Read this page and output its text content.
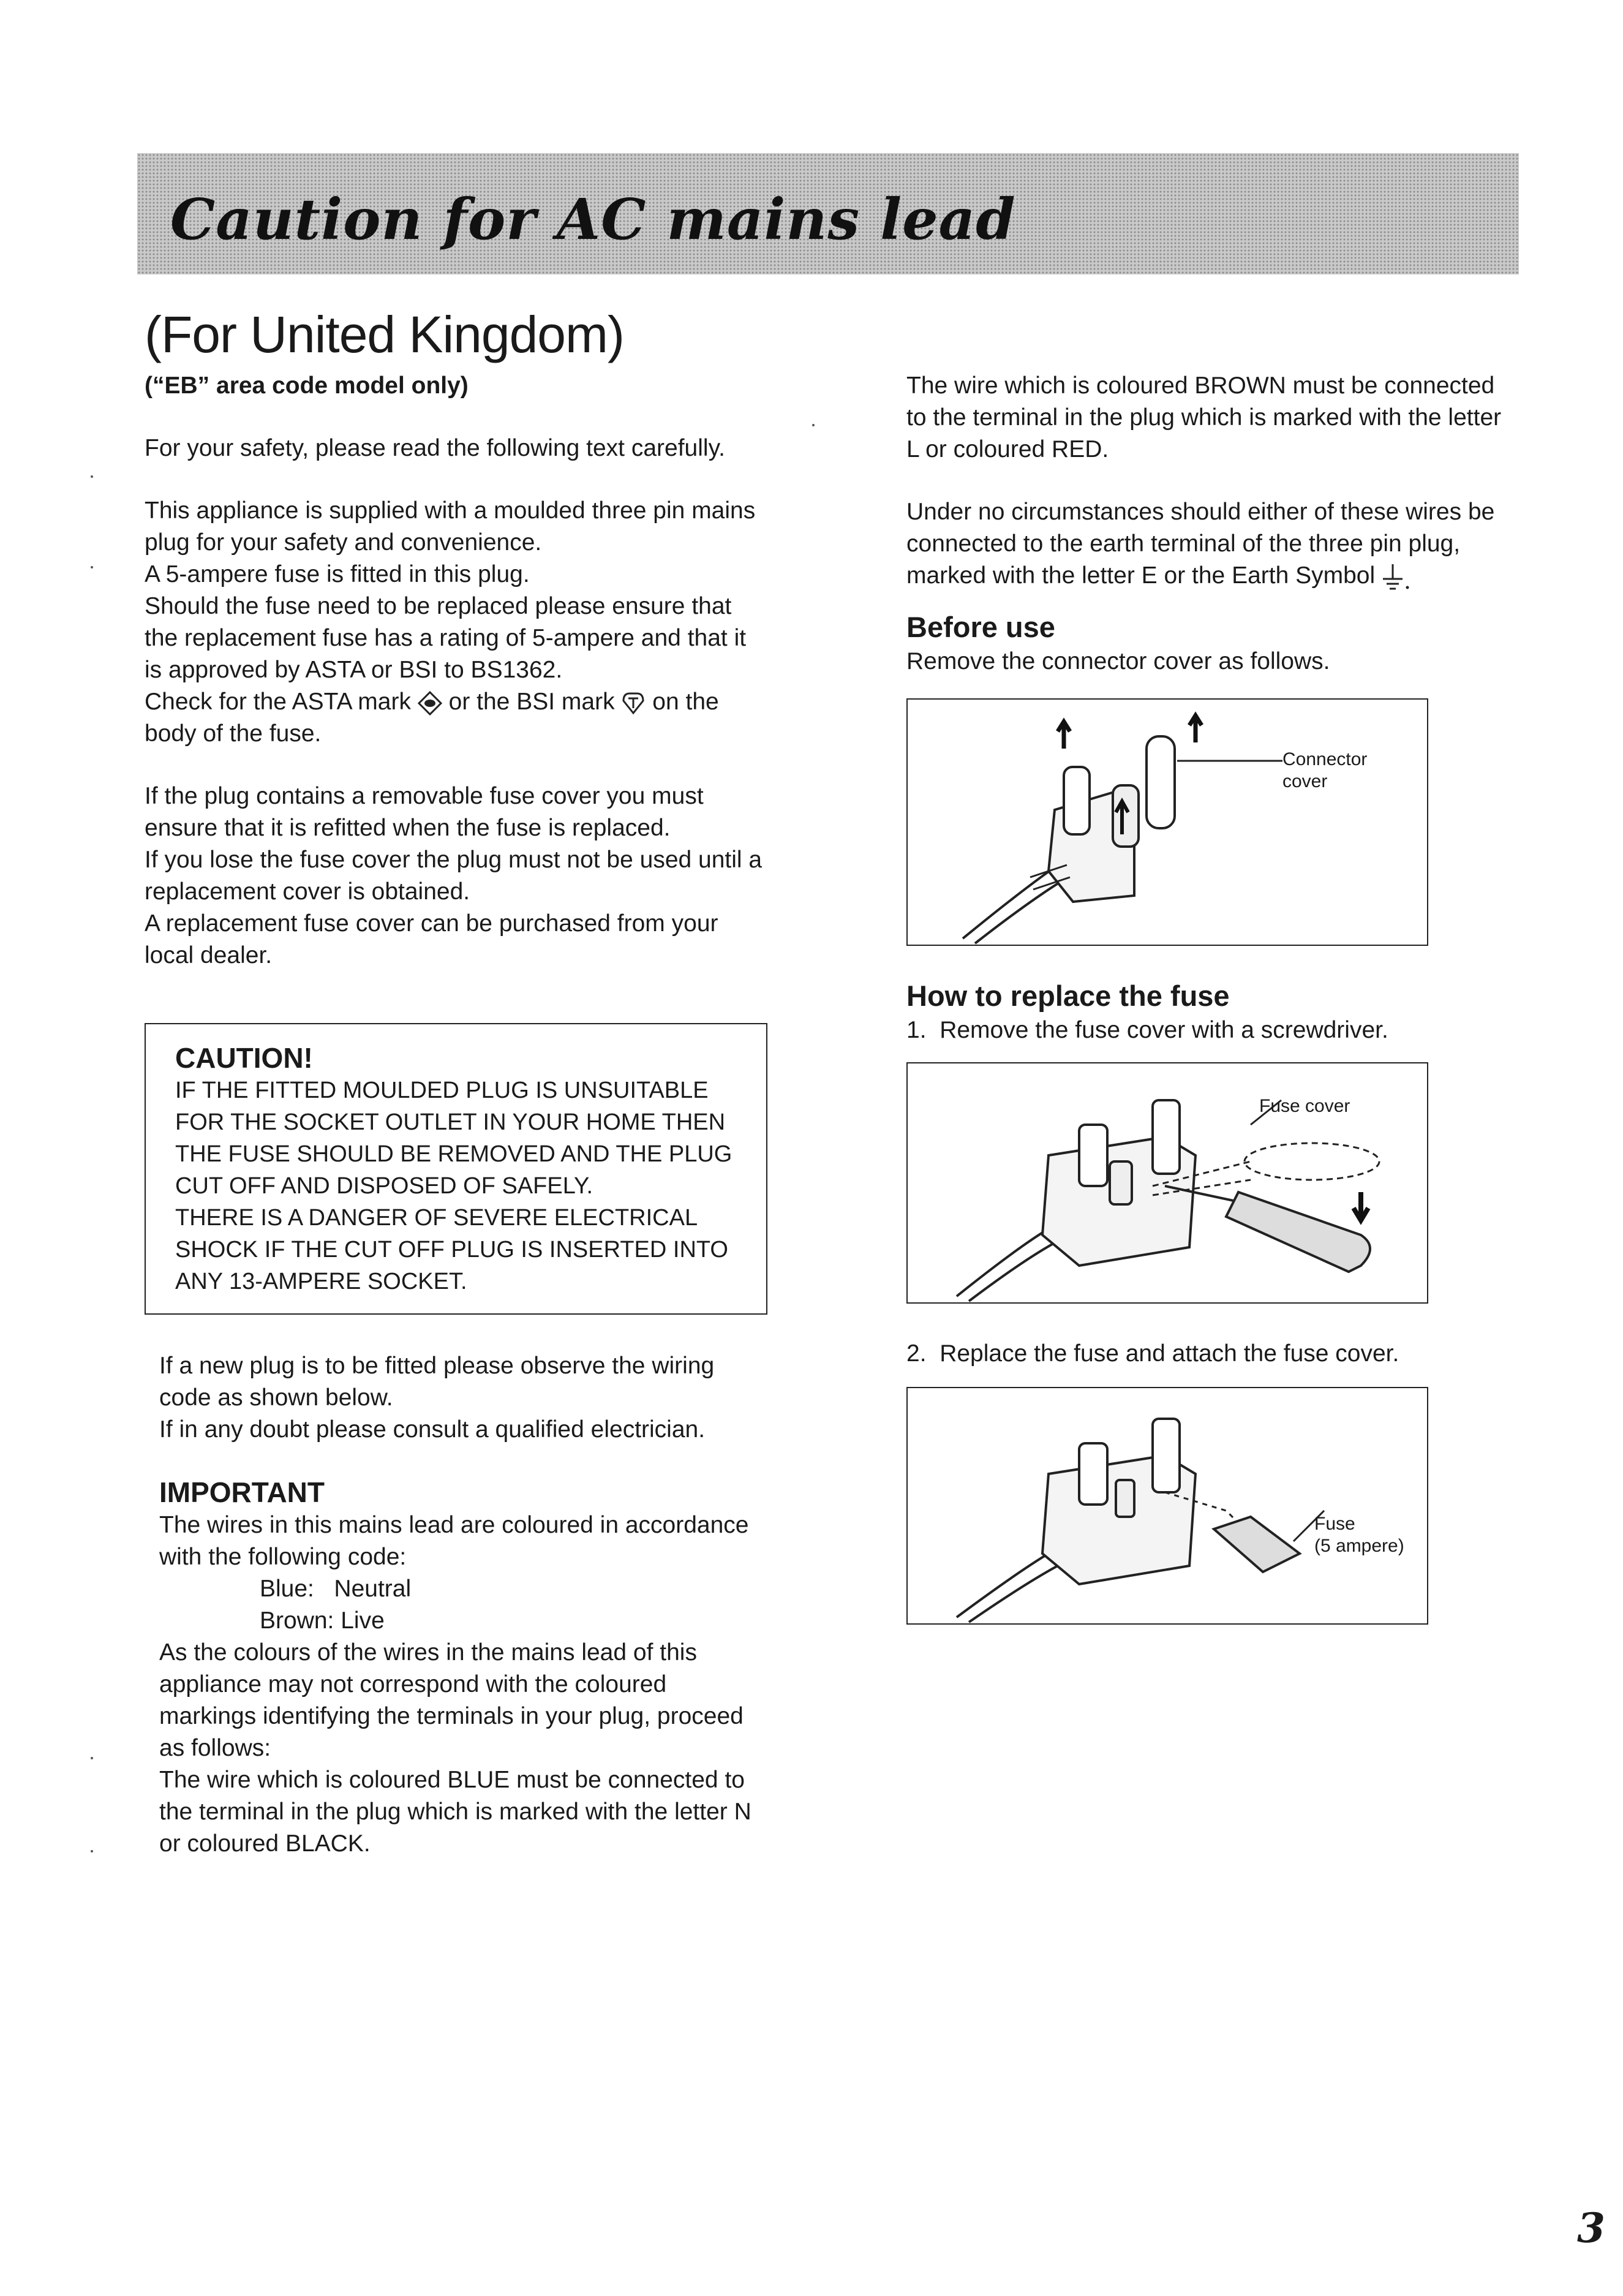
Caution for AC mains lead
(For United Kingdom)

(“EB” area code model only)

For your safety, please read the following text carefully.

This appliance is supplied with a moulded three pin mains plug for your safety and convenience.

A 5-ampere fuse is fitted in this plug.

Should the fuse need to be replaced please ensure that the replacement fuse has a rating of 5-ampere and that it is approved by ASTA or BSI to BS1362.

Check for the ASTA mark or the BSI mark on the body of the fuse.

If the plug contains a removable fuse cover you must ensure that it is refitted when the fuse is replaced.

If you lose the fuse cover the plug must not be used until a replacement cover is obtained.

A replacement fuse cover can be purchased from your local dealer.

CAUTION!

IF THE FITTED MOULDED PLUG IS UNSUITABLE FOR THE SOCKET OUTLET IN YOUR HOME THEN THE FUSE SHOULD BE REMOVED AND THE PLUG CUT OFF AND DISPOSED OF SAFELY.

THERE IS A DANGER OF SEVERE ELECTRICAL SHOCK IF THE CUT OFF PLUG IS INSERTED INTO ANY 13-AMPERE SOCKET.

If a new plug is to be fitted please observe the wiring code as shown below.

If in any doubt please consult a qualified electrician.

IMPORTANT

The wires in this mains lead are coloured in accordance with the following code:

Blue:   Neutral

Brown: Live

As the colours of the wires in the mains lead of this appliance may not correspond with the coloured markings identifying the terminals in your plug, proceed as follows:

The wire which is coloured BLUE must be connected to the terminal in the plug which is marked with the letter N or coloured BLACK.

The wire which is coloured BROWN must be connected to the terminal in the plug which is marked with the letter L or coloured RED.

Under no circumstances should either of these wires be connected to the earth terminal of the three pin plug, marked with the letter E or the Earth Symbol

Before use

Remove the connector cover as follows.

Connector
cover
How to replace the fuse

1.  Remove the fuse cover with a screwdriver.

Fuse cover

2.  Replace the fuse and attach the fuse cover.

Fuse
(5 ampere)
3
